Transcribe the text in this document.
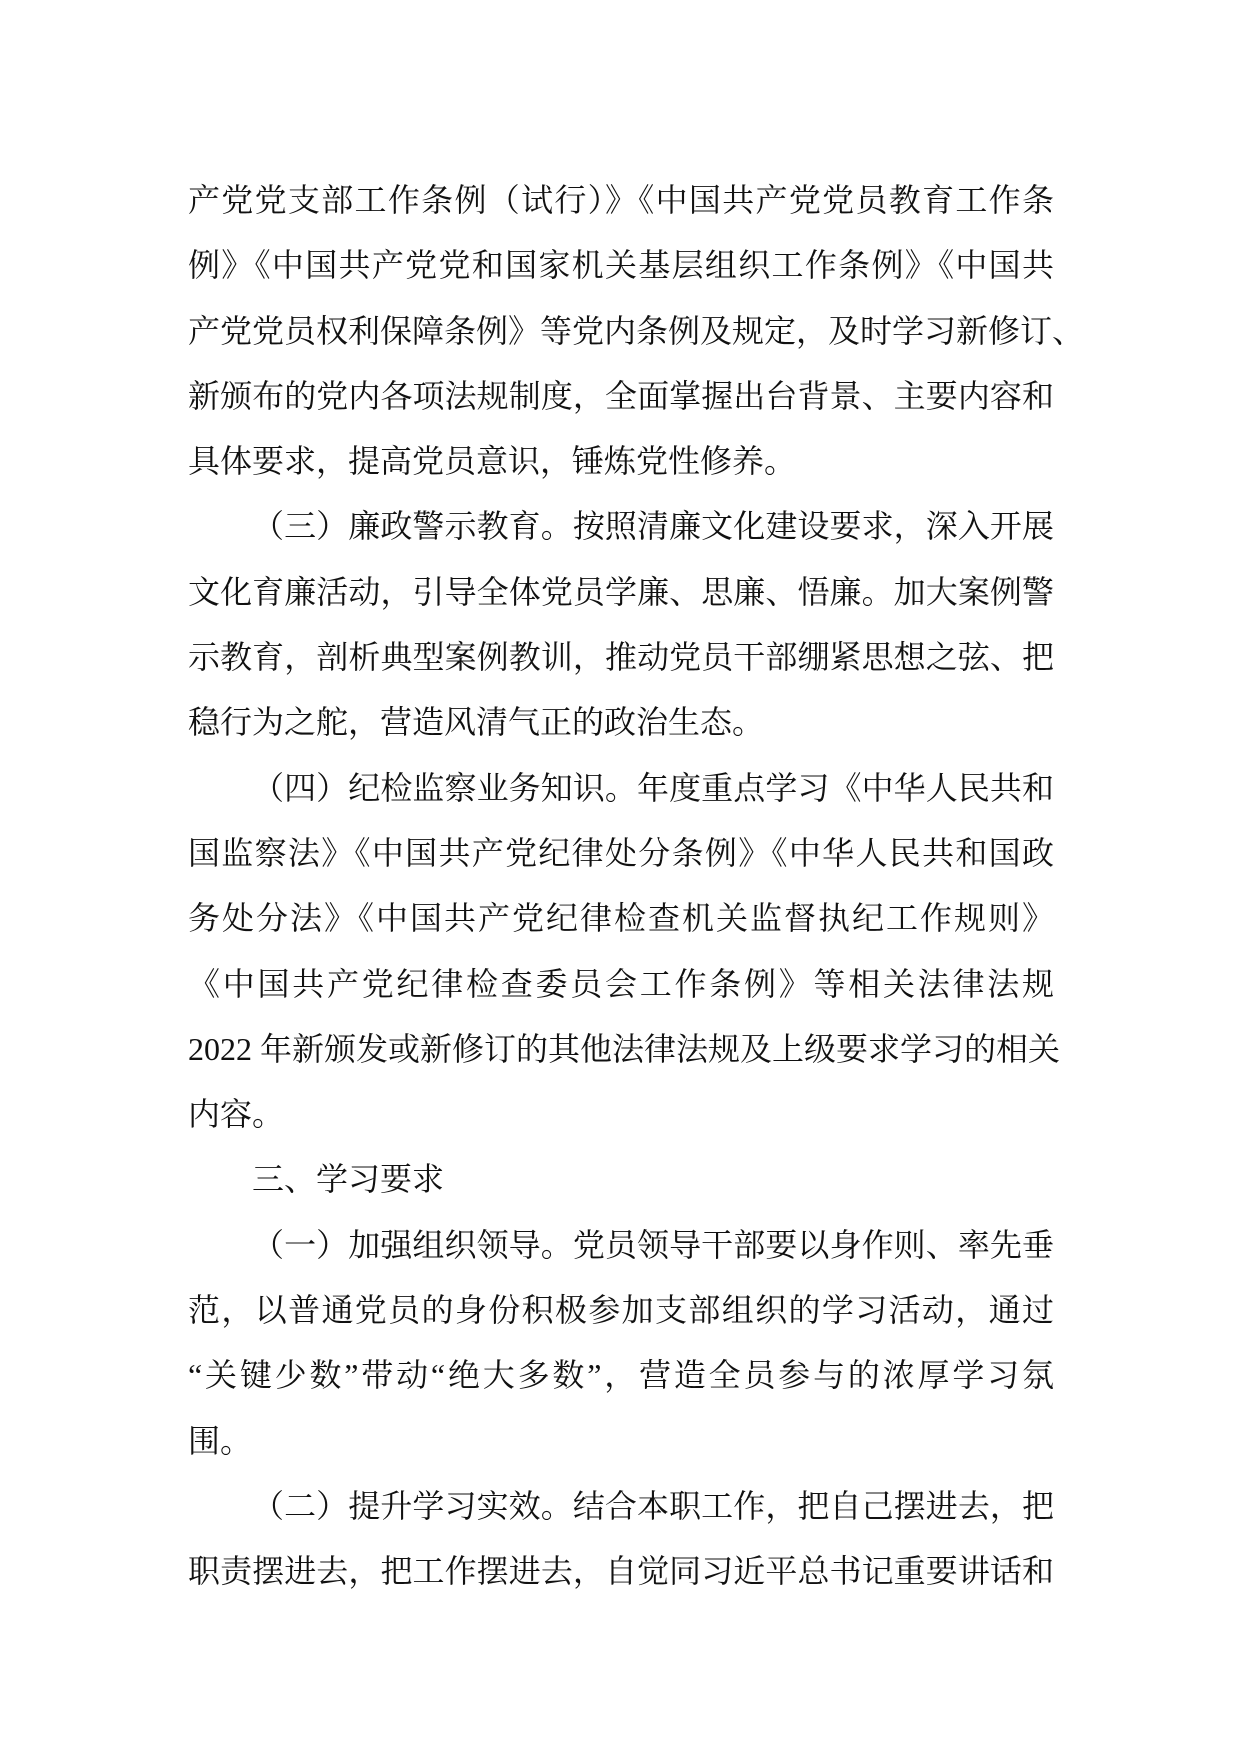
产党党支部工作条例（试行）》《中国共产党党员教育工作条
例》《中国共产党党和国家机关基层组织工作条例》《中国共
产党党员权利保障条例》等党内条例及规定，及时学习新修订、
新颁布的党内各项法规制度，全面掌握出台背景、主要内容和
具体要求，提高党员意识，锤炼党性修养。
（三）廉政警示教育。按照清廉文化建设要求，深入开展
文化育廉活动，引导全体党员学廉、思廉、悟廉。加大案例警
示教育，剖析典型案例教训，推动党员干部绷紧思想之弦、把
稳行为之舵，营造风清气正的政治生态。
（四）纪检监察业务知识。年度重点学习《中华人民共和
国监察法》《中国共产党纪律处分条例》《中华人民共和国政
务处分法》《中国共产党纪律检查机关监督执纪工作规则》
《中国共产党纪律检查委员会工作条例》等相关法律法规
2022 年新颁发或新修订的其他法律法规及上级要求学习的相关
内容。
三、学习要求
（一）加强组织领导。党员领导干部要以身作则、率先垂
范，以普通党员的身份积极参加支部组织的学习活动，通过
“关键少数”带动“绝大多数”，营造全员参与的浓厚学习氛
围。
（二）提升学习实效。结合本职工作，把自己摆进去，把
职责摆进去，把工作摆进去，自觉同习近平总书记重要讲话和
